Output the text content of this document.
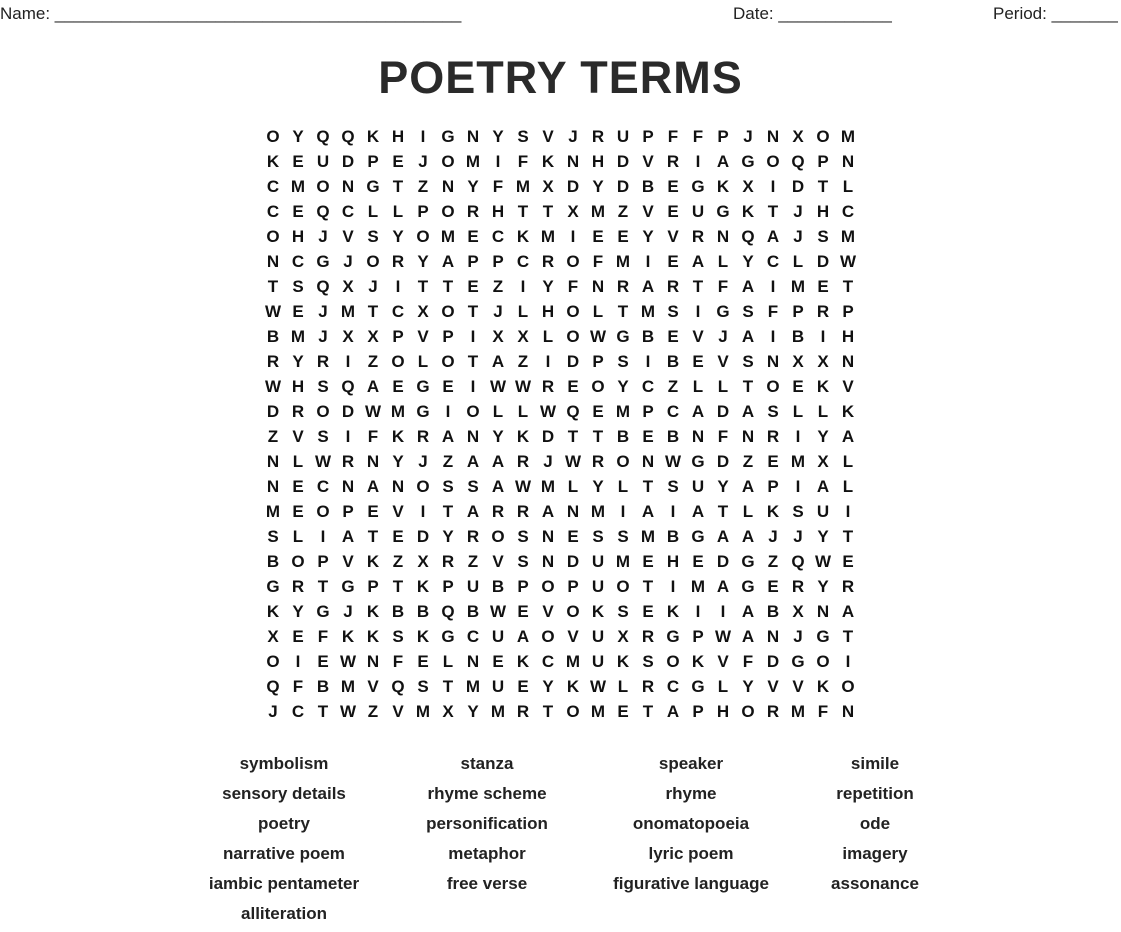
Name: ___________________________________________	Date: ____________	Period: _______
POETRY TERMS
O Y Q Q K H I G N Y S V J R U P F F P J N X O M
K E U D P E J O M I	F K N H D V R I A G O Q P N
C M O N G T Z N Y F M X D Y D B E G K X I D T L
C E Q C L L P O R H T T X M Z V E U G K T J H C
O H J V S Y O M E C K M I E E Y V R N Q A J S M
N C G J O R Y A P P C R O F M I E A L Y C L D W
T S Q X J	I	T T E Z	I Y F N R A R T F A I M E T
W E J M T C X O T J L H O L T M S I G S F P R P
B M J X X P V P I X X L O W G B E V J A I B I H
R Y R I	Z O L O T A Z	I D P S I B E V S N X X N
W H S Q A E G E I W W R E O Y C Z L L T O E K V
D R O D W M G I O L L W Q E M P C A D A S L L K
Z V S I	F K R A N Y K D T T B E B N F N R I Y A
N L W R N Y J Z A A R J W R O N W G D Z E M X L
N E C N A N O S S A W M L Y L T S U Y A P I A L
M E O P E V I	T A R R A N M I A I A T L K S U I
S L	I A T E D Y R O S N E S S M B G A A J J Y T
B O P V K Z X R Z V S N D U M E H E D G Z Q W E
G R T G P T K P U B P O P U O T	I M A G E R Y R
K Y G J K B B Q B W E V O K S E K I	I A B X N A
X E F K K S K G C U A O V U X R G P W A N J G T
O I E W N F E L N E K C M U K S O K V F D G O I
Q F B M V Q S T M U E Y K W L R C G L Y V V K O
J C T W Z V M X Y M R T O M E T A P H O R M F N
symbolism	stanza	speaker	simile
sensory details	rhyme scheme	rhyme	repetition
poetry	personification	onomatopoeia	ode
narrative poem	metaphor	lyric poem	imagery
iambic pentameter	free verse	figurative language	assonance
alliteration
